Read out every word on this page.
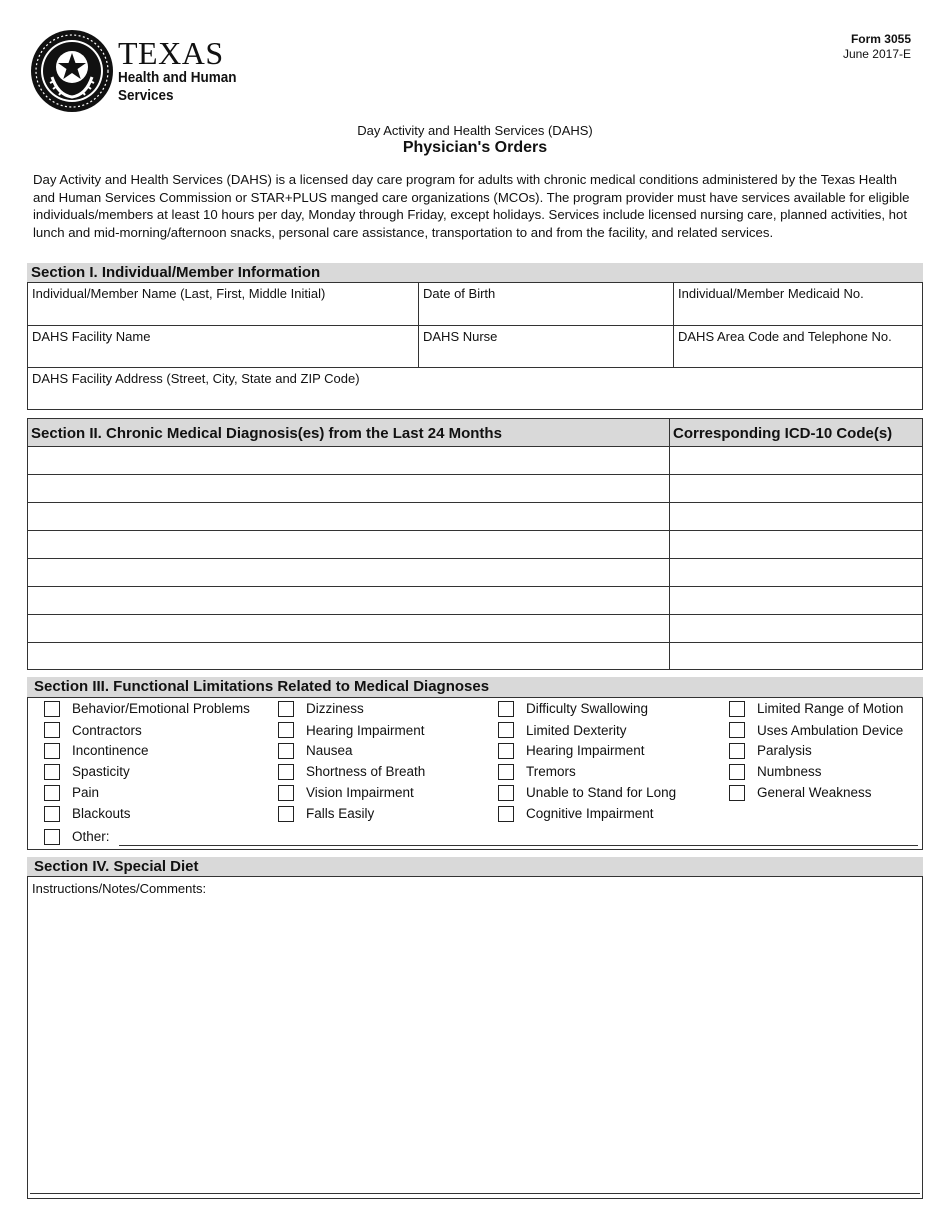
TEXAS
Health and Human
Services
Form 3055
June 2017-E
Day Activity and Health Services (DAHS)
Physician's Orders
Day Activity and Health Services (DAHS) is a licensed day care program for adults with chronic medical conditions administered by the Texas Health and Human Services Commission or STAR+PLUS manged care organizations (MCOs). The program provider must have services available for eligible individuals/members at least 10 hours per day, Monday through Friday, except holidays. Services include licensed nursing care, planned activities, hot lunch and mid-morning/afternoon snacks, personal care assistance, transportation to and from the facility, and related services.
Section I. Individual/Member Information
Individual/Member Name (Last, First, Middle Initial)	Date of Birth	Individual/Member Medicaid No.
DAHS Facility Name	DAHS Nurse	DAHS Area Code and Telephone No.
DAHS Facility Address (Street, City, State and ZIP Code)
Section II. Chronic Medical Diagnosis(es) from the Last 24 Months	Corresponding ICD-10 Code(s)
Section III. Functional Limitations Related to Medical Diagnoses
Behavior/Emotional Problems
Contractors
Incontinence
Spasticity
Pain
Blackouts
Other:
Dizziness
Hearing Impairment
Nausea
Shortness of Breath
Vision Impairment
Falls Easily
Difficulty Swallowing
Limited Dexterity
Hearing Impairment
Tremors
Unable to Stand for Long
Cognitive Impairment
Limited Range of Motion
Uses Ambulation Device
Paralysis
Numbness
General Weakness
Section IV. Special Diet
Instructions/Notes/Comments:
